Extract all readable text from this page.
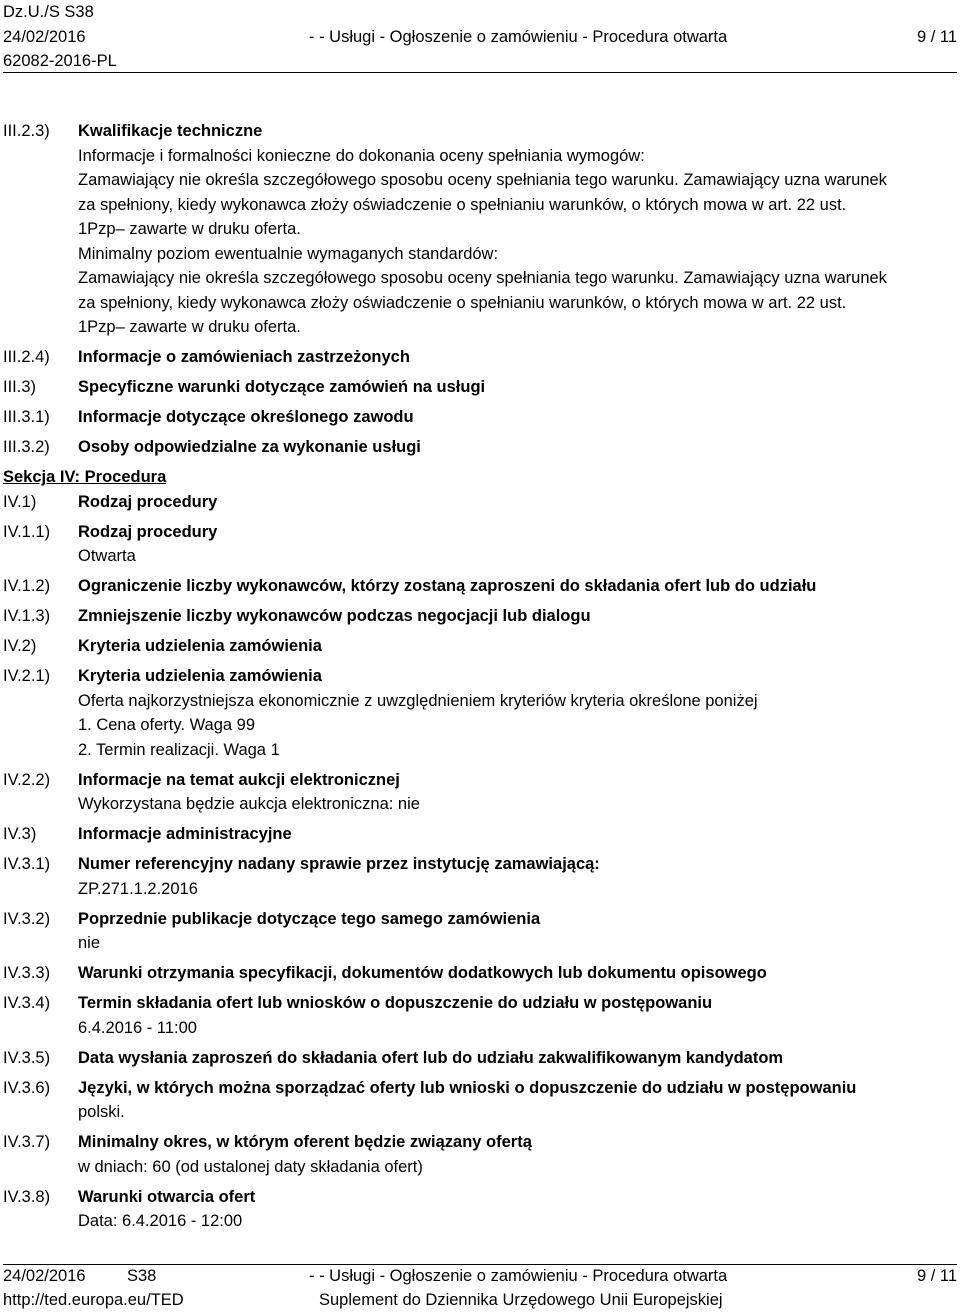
Dz.U./S S38
24/02/2016
62082-2016-PL
- - Usługi - Ogłoszenie o zamówieniu - Procedura otwarta	9 / 11
III.2.3)	Kwalifikacje techniczne
Informacje i formalności konieczne do dokonania oceny spełniania wymogów:
Zamawiający nie określa szczegółowego sposobu oceny spełniania tego warunku. Zamawiający uzna warunek
za spełniony, kiedy wykonawca złoży oświadczenie o spełnianiu warunków, o których mowa w art. 22 ust.
1Pzp– zawarte w druku oferta.
Minimalny poziom ewentualnie wymaganych standardów:
Zamawiający nie określa szczegółowego sposobu oceny spełniania tego warunku. Zamawiający uzna warunek
za spełniony, kiedy wykonawca złoży oświadczenie o spełnianiu warunków, o których mowa w art. 22 ust.
1Pzp– zawarte w druku oferta.
III.2.4)	Informacje o zamówieniach zastrzeżonych
III.3)	Specyficzne warunki dotyczące zamówień na usługi
III.3.1)	Informacje dotyczące określonego zawodu
III.3.2)	Osoby odpowiedzialne za wykonanie usługi
Sekcja IV: Procedura
IV.1)	Rodzaj procedury
IV.1.1)	Rodzaj procedury
Otwarta
IV.1.2)	Ograniczenie liczby wykonawców, którzy zostaną zaproszeni do składania ofert lub do udziału
IV.1.3)	Zmniejszenie liczby wykonawców podczas negocjacji lub dialogu
IV.2)	Kryteria udzielenia zamówienia
IV.2.1)	Kryteria udzielenia zamówienia
Oferta najkorzystniejsza ekonomicznie z uwzględnieniem kryteriów kryteria określone poniżej
1. Cena oferty. Waga 99
2. Termin realizacji. Waga 1
IV.2.2)	Informacje na temat aukcji elektronicznej
Wykorzystana będzie aukcja elektroniczna: nie
IV.3)	Informacje administracyjne
IV.3.1)	Numer referencyjny nadany sprawie przez instytucję zamawiającą:
ZP.271.1.2.2016
IV.3.2)	Poprzednie publikacje dotyczące tego samego zamówienia
nie
IV.3.3)	Warunki otrzymania specyfikacji, dokumentów dodatkowych lub dokumentu opisowego
IV.3.4)	Termin składania ofert lub wniosków o dopuszczenie do udziału w postępowaniu
6.4.2016 - 11:00
IV.3.5)	Data wysłania zaproszeń do składania ofert lub do udziału zakwalifikowanym kandydatom
IV.3.6)	Języki, w których można sporządzać oferty lub wnioski o dopuszczenie do udziału w postępowaniu
polski.
IV.3.7)	Minimalny okres, w którym oferent będzie związany ofertą
w dniach: 60 (od ustalonej daty składania ofert)
IV.3.8)	Warunki otwarcia ofert
Data: 6.4.2016 - 12:00
24/02/2016	S38	- - Usługi - Ogłoszenie o zamówieniu - Procedura otwarta	9 / 11
http://ted.europa.eu/TED	Suplement do Dziennika Urzędowego Unii Europejskiej
